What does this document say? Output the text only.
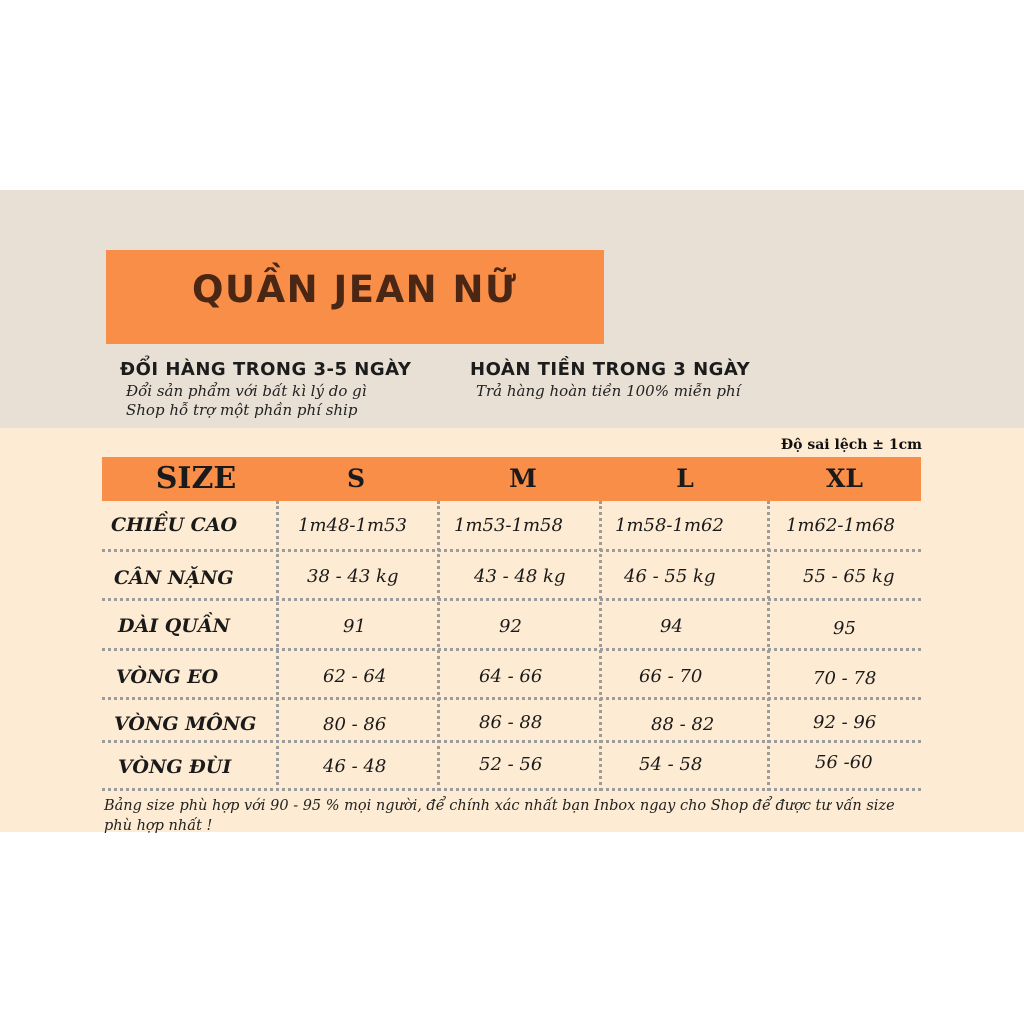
QUẦN JEAN NỮ
ĐỔI HÀNG TRONG 3-5 NGÀY
Đổi sản phẩm với bất kì lý do gì
Shop hỗ trợ một phần phí ship
HOÀN TIỀN TRONG 3 NGÀY
Trả hàng hoàn tiền 100% miễn phí
Độ sai lệch ± 1cm
SIZE	S	M	L	XL
CHIỀU CAO	1m48-1m53	1m53-1m58	1m58-1m62	1m62-1m68
CÂN NẶNG	38 - 43 kg	43 - 48 kg	46 - 55 kg	55 - 65 kg
DÀI QUẦN	91	92	94	95
VÒNG EO	62 - 64	64 - 66	66 - 70	70 - 78
VÒNG MÔNG	80 - 86	86 - 88	88 - 82	92 - 96
VÒNG ĐÙI	46 - 48	52 - 56	54 - 58	56 -60
Bảng size phù hợp với 90 - 95 % mọi người, để chính xác nhất bạn Inbox ngay cho Shop để được tư vấn size phù hợp nhất !
